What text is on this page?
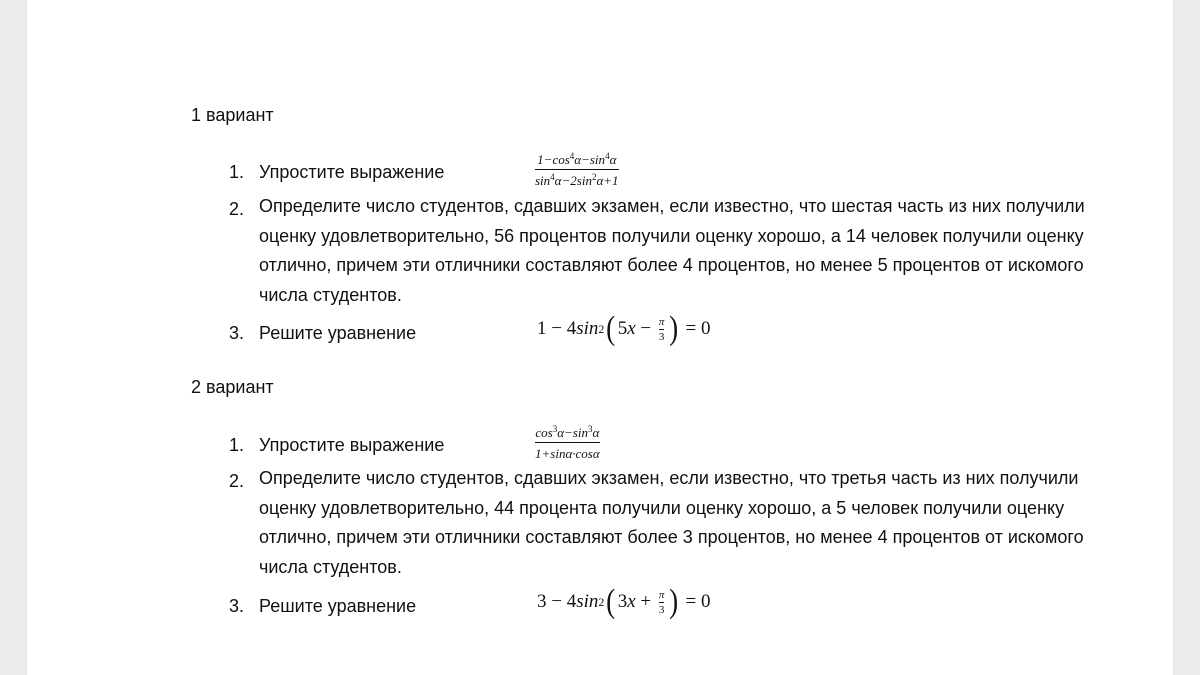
1 вариант
1. Упростите выражение
$1-\cos^4\alpha-\sin^4\alpha$
$\sin^4\alpha-2\sin^2\alpha+1$
2. Определите число студентов, сдавших экзамен, если известно, что шестая часть из них получили оценку удовлетворительно, 56 процентов получили оценку хорошо, а 14 человек получили оценку отлично, причем эти отличники составляют более 4 процентов, но менее 5 процентов от искомого числа студентов.
3. Решите уравнение	1 − 4 sin 2 ( 5 $x - \frac{\pi}{3}$ ) = 0
2 вариант
1. Упростите выражение
$\cos^3\alpha-\sin^3\alpha$
1+sinα·cosα
2. Определите число студентов, сдавших экзамен, если известно, что третья часть из них получили оценку удовлетворительно, 44 процента получили оценку хорошо, а 5 человек получили оценку отлично, причем эти отличники составляют более 3 процентов, но менее 4 процентов от искомого числа студентов.
3. Решите уравнение	3 − 4 sin 2 ( 3 $x + \frac{\pi}{3}$ ) = 0
